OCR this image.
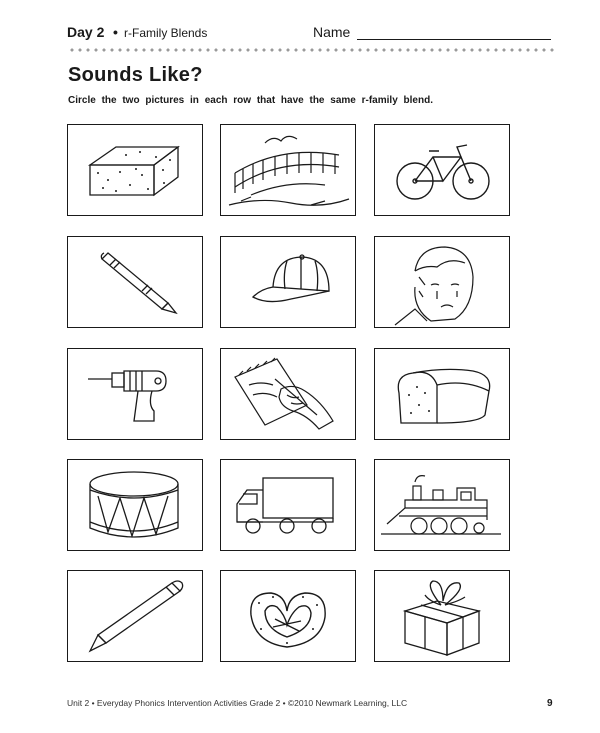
Day 2 • r-Family Blends	Name
Sounds Like?

Circle the two pictures in each row that have the same r-family blend.

Unit 2 • Everyday Phonics Intervention Activities Grade 2 • ©2010 Newmark Learning, LLC	9
